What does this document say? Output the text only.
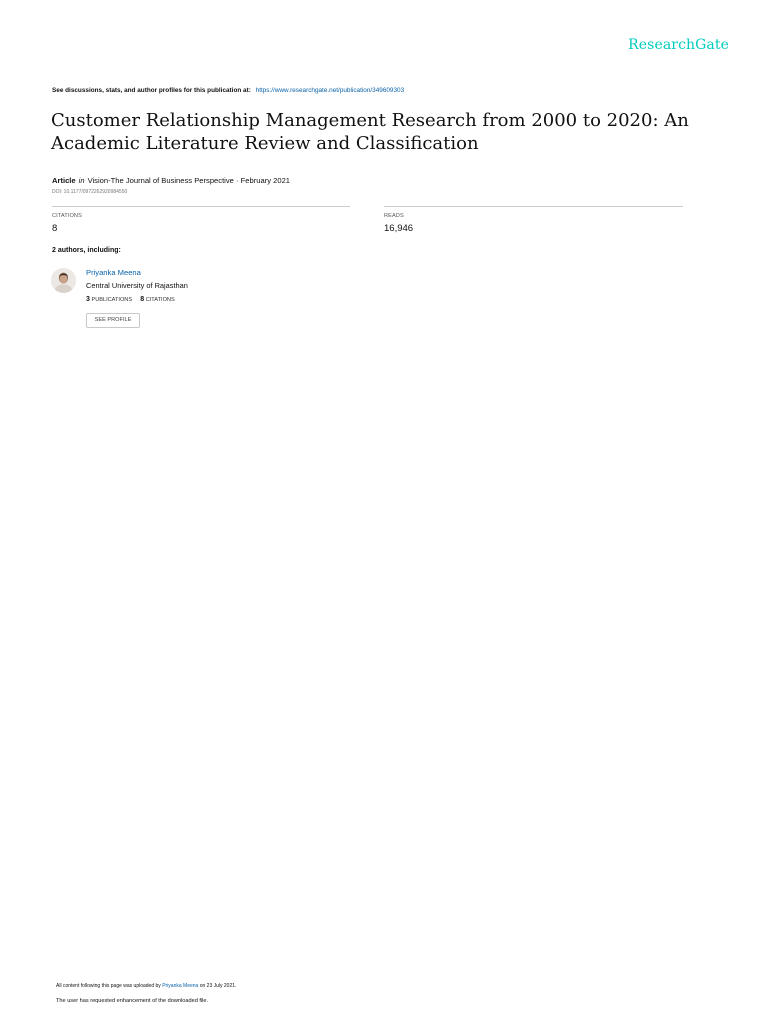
ResearchGate
See discussions, stats, and author profiles for this publication at: https://www.researchgate.net/publication/349609303
Customer Relationship Management Research from 2000 to 2020: An
Academic Literature Review and Classification
Article in Vision-The Journal of Business Perspective · February 2021
DOI: 10.1177/0972262920984550
CITATIONS
8
READS
16,946
2 authors, including:
Priyanka Meena
Central University of Rajasthan
3 PUBLICATIONS 8 CITATIONS
SEE PROFILE
All content following this page was uploaded by Priyanka Meena on 23 July 2021.
The user has requested enhancement of the downloaded file.
